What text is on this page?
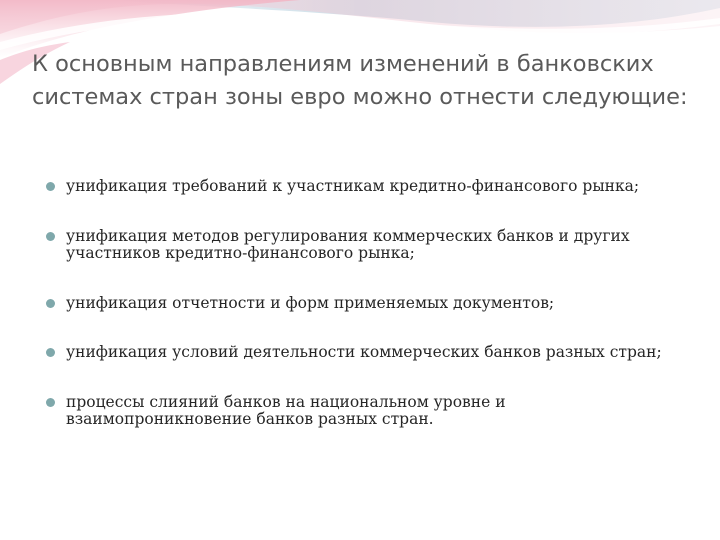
К основным направлениям изменений в банковских системах стран зоны евро можно отнести следующие:
унификация требований к участникам кредитно-финансового рынка;
унификация методов регулирования коммерческих банков и других участников кредитно-финансового рынка;
унификация отчетности и форм применяемых документов;
унификация условий деятельности коммерческих банков разных стран;
процессы слияний банков на национальном уровне и взаимопроникновение банков разных стран.
